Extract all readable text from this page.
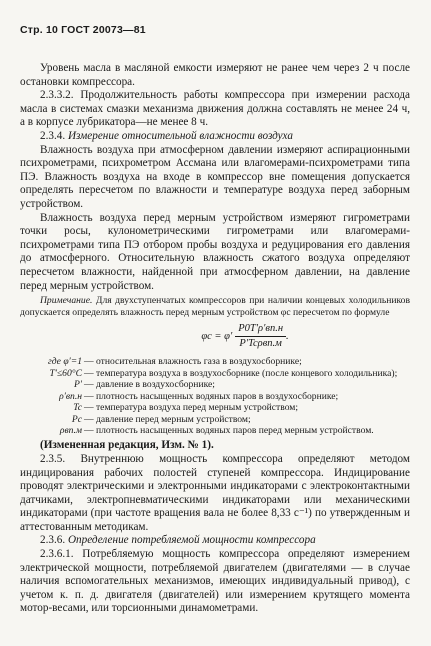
Стр. 10 ГОСТ 20073—81

Уровень масла в масляной емкости измеряют не ранее чем через 2 ч после остановки компрессора.

2.3.3.2. Продолжительность работы компрессора при измерении расхода масла в системах смазки механизма движения должна составлять не менее 24 ч, а в корпусе лубрикатора—не менее 8 ч.

2.3.4. Измерение относительной влажности воздуха

Влажность воздуха при атмосферном давлении измеряют аспирационными психрометрами, психрометром Ассмана или влагомерами-психрометрами типа ПЭ. Влажность воздуха на входе в компрессор вне помещения допускается определять пересчетом по влажности и температуре воздуха перед заборным устройством.

Влажность воздуха перед мерным устройством измеряют гигрометрами точки росы, кулонометрическими гигрометрами или влагомерами-психрометрами типа ПЭ отбором пробы воздуха и редуцирования его давления до атмосферного. Относительную влажность сжатого воздуха определяют пересчетом влажности, найденной при атмосферном давлении, на давление перед мерным устройством.

Примечание. Для двухступенчатых компрессоров при наличии концевых холодильников допускается определять влажность перед мерным устройством φc пересчетом по формуле

$\varphi c = \varphi' \frac{P0T'\rho'вп.н}{\text{P′Tcρвп.м}}$ .
где φ′=1 — относительная влажность газа в воздухосборнике;
T′≤60°C — температура воздуха в воздухосборнике (после концевого холодильника);
P′ — давление в воздухосборнике;
ρ′вп.н — плотность насыщенных водяных паров в воздухосборнике;
Tc — температура воздуха перед мерным устройством;
Pc — давление перед мерным устройством;
ρвп.м — плотность насыщенных водяных паров перед мерным устройством.

(Измененная редакция, Изм. № 1).

2.3.5. Внутреннюю мощность компрессора определяют методом индицирования рабочих полостей ступеней компрессора. Индицирование проводят электрическими и электронными индикаторами с электроконтактными датчиками, электропневматическими индикаторами или механическими индикаторами (при частоте вращения вала не более 8,33 с⁻¹) по утвержденным и аттестованным методикам.

2.3.6. Определение потребляемой мощности компрессора

2.3.6.1. Потребляемую мощность компрессора определяют измерением электрической мощности, потребляемой двигателем (двигателями — в случае наличия вспомогательных механизмов, имеющих индивидуальный привод), с учетом к. п. д. двигателя (двигателей) или измерением крутящего момента мотор-весами, или торсионными динамометрами.
